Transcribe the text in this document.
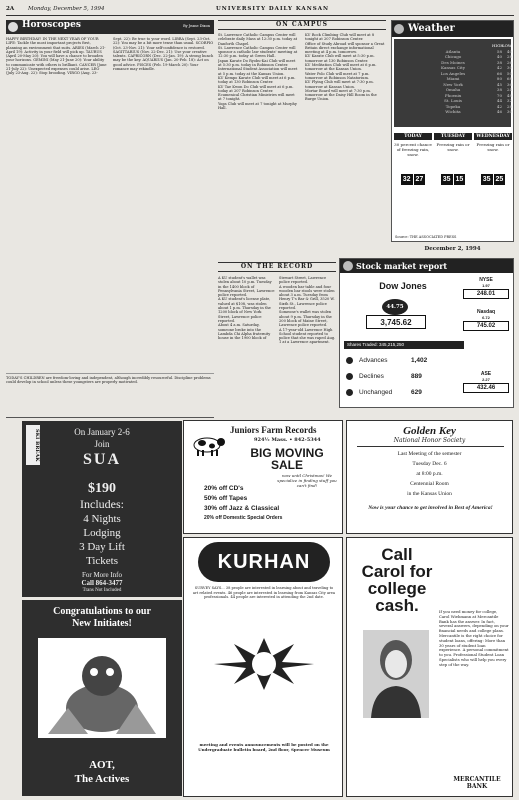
2A	Monday, December 5, 1994	UNIVERSITY DAILY KANSAN
Horoscopes	By Jeane Dixon
HAPPY BIRTHDAY! IN THE NEXT YEAR OF YOUR LIFE: Tackle the most important projects first, planning an environment that suits. ARIES (March 21-April 19): Activity in your field will pick up. TAURUS (April 20-May 20): You will have a chance to broaden your horizons. GEMINI (May 21-June 20): Your ability to communicate with others is brilliant. CANCER (June 21-July 22): Unexpected expenses could arise. LEO (July 23-Aug. 22): Stop brooding. VIRGO (Aug. 23-Sept. 22): Be true to your word. LIBRA (Sept. 23-Oct. 22): You may be a bit more tense than usual. SCORPIO (Oct. 23-Nov. 21): Your self-confidence is restored. SAGITTARIUS (Nov. 22-Dec. 21): Use your creative talents. CAPRICORN (Dec. 22-Jan. 19): A strong hunch may be the key. AQUARIUS (Jan. 20-Feb. 18): Act on good advice. PISCES (Feb. 19-March 20): Your romance may rekindle.
TODAY'S CHILDREN are freedom-loving and independent, although incredibly resourceful. Discipline problems could develop in school unless these youngsters are properly motivated.
ON CAMPUS

St. Lawrence Catholic Campus Center will celebrate daily Mass at 12:30 p.m. today at Danforth Chapel.

St. Lawrence Catholic Campus Center will sponsor a catholic law students' meeting at 12:30 p.m. today at Green Hall.

Japan Karate Do Ryobu-Kai Club will meet at 5:30 p.m. today in Robinson Center.

International Student Association will meet at 5 p.m. today at the Kansas Union.

KU Kempo Karate Club will meet at 6 p.m. today at 130 Robinson Center.

KU Tae Kwon Do Club will meet at 6 p.m. today at 207 Robinson Center.

Ecumenical Christian Ministries will meet at 7 tonight.

Yoga Club will meet at 7 tonight at Murphy Hall.

KU Rock Climbing Club will meet at 8 tonight at 207 Robinson Center.

Office of Study Abroad will sponsor a Great Britain direct exchange informational meeting at 4 p.m. tomorrow.

KU Karate Club will meet at 5:30 p.m. tomorrow at 130 Robinson Center.

KU Meditation Club will meet at 6 p.m. tomorrow at the Kansas Union.

Water Polo Club will meet at 7 p.m. tomorrow at Robinson Natatorium.

KU Flying Club will meet at 7:30 p.m. tomorrow at Kansas Union.

Mortar Board will meet at 7:30 p.m. tomorrow at the Daisy Hill Room in the Burge Union.

Weather
HIGH
LOW
Atlanta	58	40
Chicago	40	28
Des Moines	38	26
Kansas City	42	30
Los Angeles	66	50
Miami	80	68
New York	45	36
Omaha	38	24
Phoenix	70	48
St. Louis	44	32
Topeka	42	28
Wichita	46	30
TODAY
30 percent chance of freezing rain, snow.
32 27
TUESDAY
Freezing rain or snow.
35 15
WEDNESDAY
Freezing rain or snow.
35 25
Source: THE ASSOCIATED PRESS
December 2, 1994
Stock market report
Dow Jones
44.75
3,745.62
NYSE
1.97
248.01
Nasdaq
6.72
745.02
Shares Traded: 345,215,250
ASE
2.27
432.46
Advances	1,402
Declines	889
Unchanged	629
ON THE RECORD

A KU student's wallet was stolen about 10 p.m. Tuesday in the 1400 block of Pennsylvania Street, Lawrence police reported.

A KU student's license plate, valued at $108, was stolen about 1 p.m. Thursday in the 1200 block of New York Street, Lawrence police reported.

About 4 a.m. Saturday, someone broke into the Lambda Chi Alpha fraternity house in the 1900 block of Stewart Street, Lawrence police reported.

A wooden bar table and four wooden bar stools were stolen about 3 a.m. Tuesday from Henry T's Bar & Grill, 3520 W. Sixth St., Lawrence police reported.

Someone's wallet was stolen about 9 p.m. Thursday in the 200 block of Maine Street, Lawrence police reported.

A 17-year-old Lawrence High School student reported to police that she was raped Aug. 1 at a Lawrence apartment.

SKI BREAK	On January 2-6
Join
SUA
$190
Includes:
4 Nights
Lodging
3 Day Lift
Tickets
For More Info
Call 864-3477
Trans Not Included
Juniors Farm Records
924½ Mass. • 842-5344
BIG MOVING
SALE
now until Christmas! We specialize in finding stuff you can't find!
20% off CD's
50% off Tapes
30% off Jazz & Classical
20% off Domestic Special Orders
Golden Key
National Honor Society
Last Meeting of the semester
Tuesday Dec. 6
at 8:00 p.m.
Centennial Room
in the Kansas Union
Now is your chance to get involved in Best of America!
KURHAN
SURVEY SAYS... 38 people are interested in learning about and traveling to art related events. 46 people are interested in learning from Kansas City area professionals. 44 people are interested in attending the 2nd date.
meeting and events announcements will be posted on the Undergraduate bulletin board, 2nd floor, Spencer Museum
Call
Carol for
college
cash.	If you need money for college, Carol Wiehmann at Mercantile Bank has the answer. In fact, several answers, depending on your financial needs and college plans. Mercantile is the right choice for student loans, offering: More than 30 years of student loan experience. A personal commitment to you. Professional Student Loan Specialists who will help you every step of the way.
MERCANTILE BANK
Congratulations to our
New Initiates!
AOT,
The Actives
